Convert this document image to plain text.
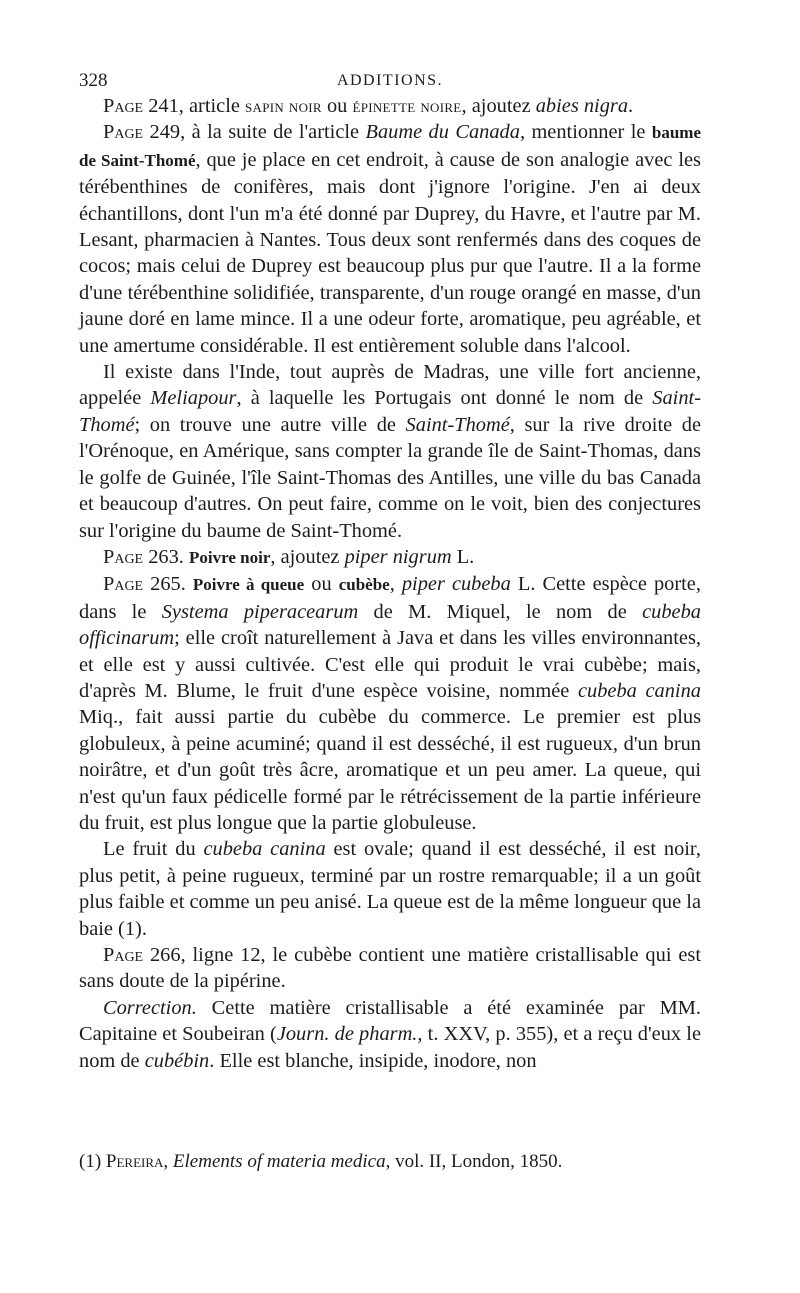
328	ADDITIONS.

Page 241, article sapin noir ou épinette noire, ajoutez abies nigra.

Page 249, à la suite de l'article Baume du Canada, mentionner le baume de Saint-Thomé, que je place en cet endroit, à cause de son analogie avec les térébenthines de conifères, mais dont j'ignore l'origine. J'en ai deux échantillons, dont l'un m'a été donné par Duprey, du Havre, et l'autre par M. Lesant, pharmacien à Nantes. Tous deux sont renfermés dans des coques de cocos; mais celui de Duprey est beaucoup plus pur que l'autre. Il a la forme d'une térébenthine solidifiée, transparente, d'un rouge orangé en masse, d'un jaune doré en lame mince. Il a une odeur forte, aromatique, peu agréable, et une amertume considérable. Il est entièrement soluble dans l'alcool.

Il existe dans l'Inde, tout auprès de Madras, une ville fort ancienne, appelée Meliapour, à laquelle les Portugais ont donné le nom de Saint-Thomé; on trouve une autre ville de Saint-Thomé, sur la rive droite de l'Orénoque, en Amérique, sans compter la grande île de Saint-Thomas, dans le golfe de Guinée, l'île Saint-Thomas des Antilles, une ville du bas Canada et beaucoup d'autres. On peut faire, comme on le voit, bien des conjectures sur l'origine du baume de Saint-Thomé.

Page 263. Poivre noir, ajoutez piper nigrum L.

Page 265. Poivre à queue ou cubèbe, piper cubeba L. Cette espèce porte, dans le Systema piperacearum de M. Miquel, le nom de cubeba officinarum; elle croît naturellement à Java et dans les villes environnantes, et elle est y aussi cultivée. C'est elle qui produit le vrai cubèbe; mais, d'après M. Blume, le fruit d'une espèce voisine, nommée cubeba canina Miq., fait aussi partie du cubèbe du commerce. Le premier est plus globuleux, à peine acuminé; quand il est desséché, il est rugueux, d'un brun noirâtre, et d'un goût très âcre, aromatique et un peu amer. La queue, qui n'est qu'un faux pédicelle formé par le rétrécissement de la partie inférieure du fruit, est plus longue que la partie globuleuse.

Le fruit du cubeba canina est ovale; quand il est desséché, il est noir, plus petit, à peine rugueux, terminé par un rostre remarquable; il a un goût plus faible et comme un peu anisé. La queue est de la même longueur que la baie (1).

Page 266, ligne 12, le cubèbe contient une matière cristallisable qui est sans doute de la pipérine.

Correction. Cette matière cristallisable a été examinée par MM. Capitaine et Soubeiran (Journ. de pharm., t. XXV, p. 355), et a reçu d'eux le nom de cubébin. Elle est blanche, insipide, inodore, non

(1) Pereira, Elements of materia medica, vol. II, London, 1850.
